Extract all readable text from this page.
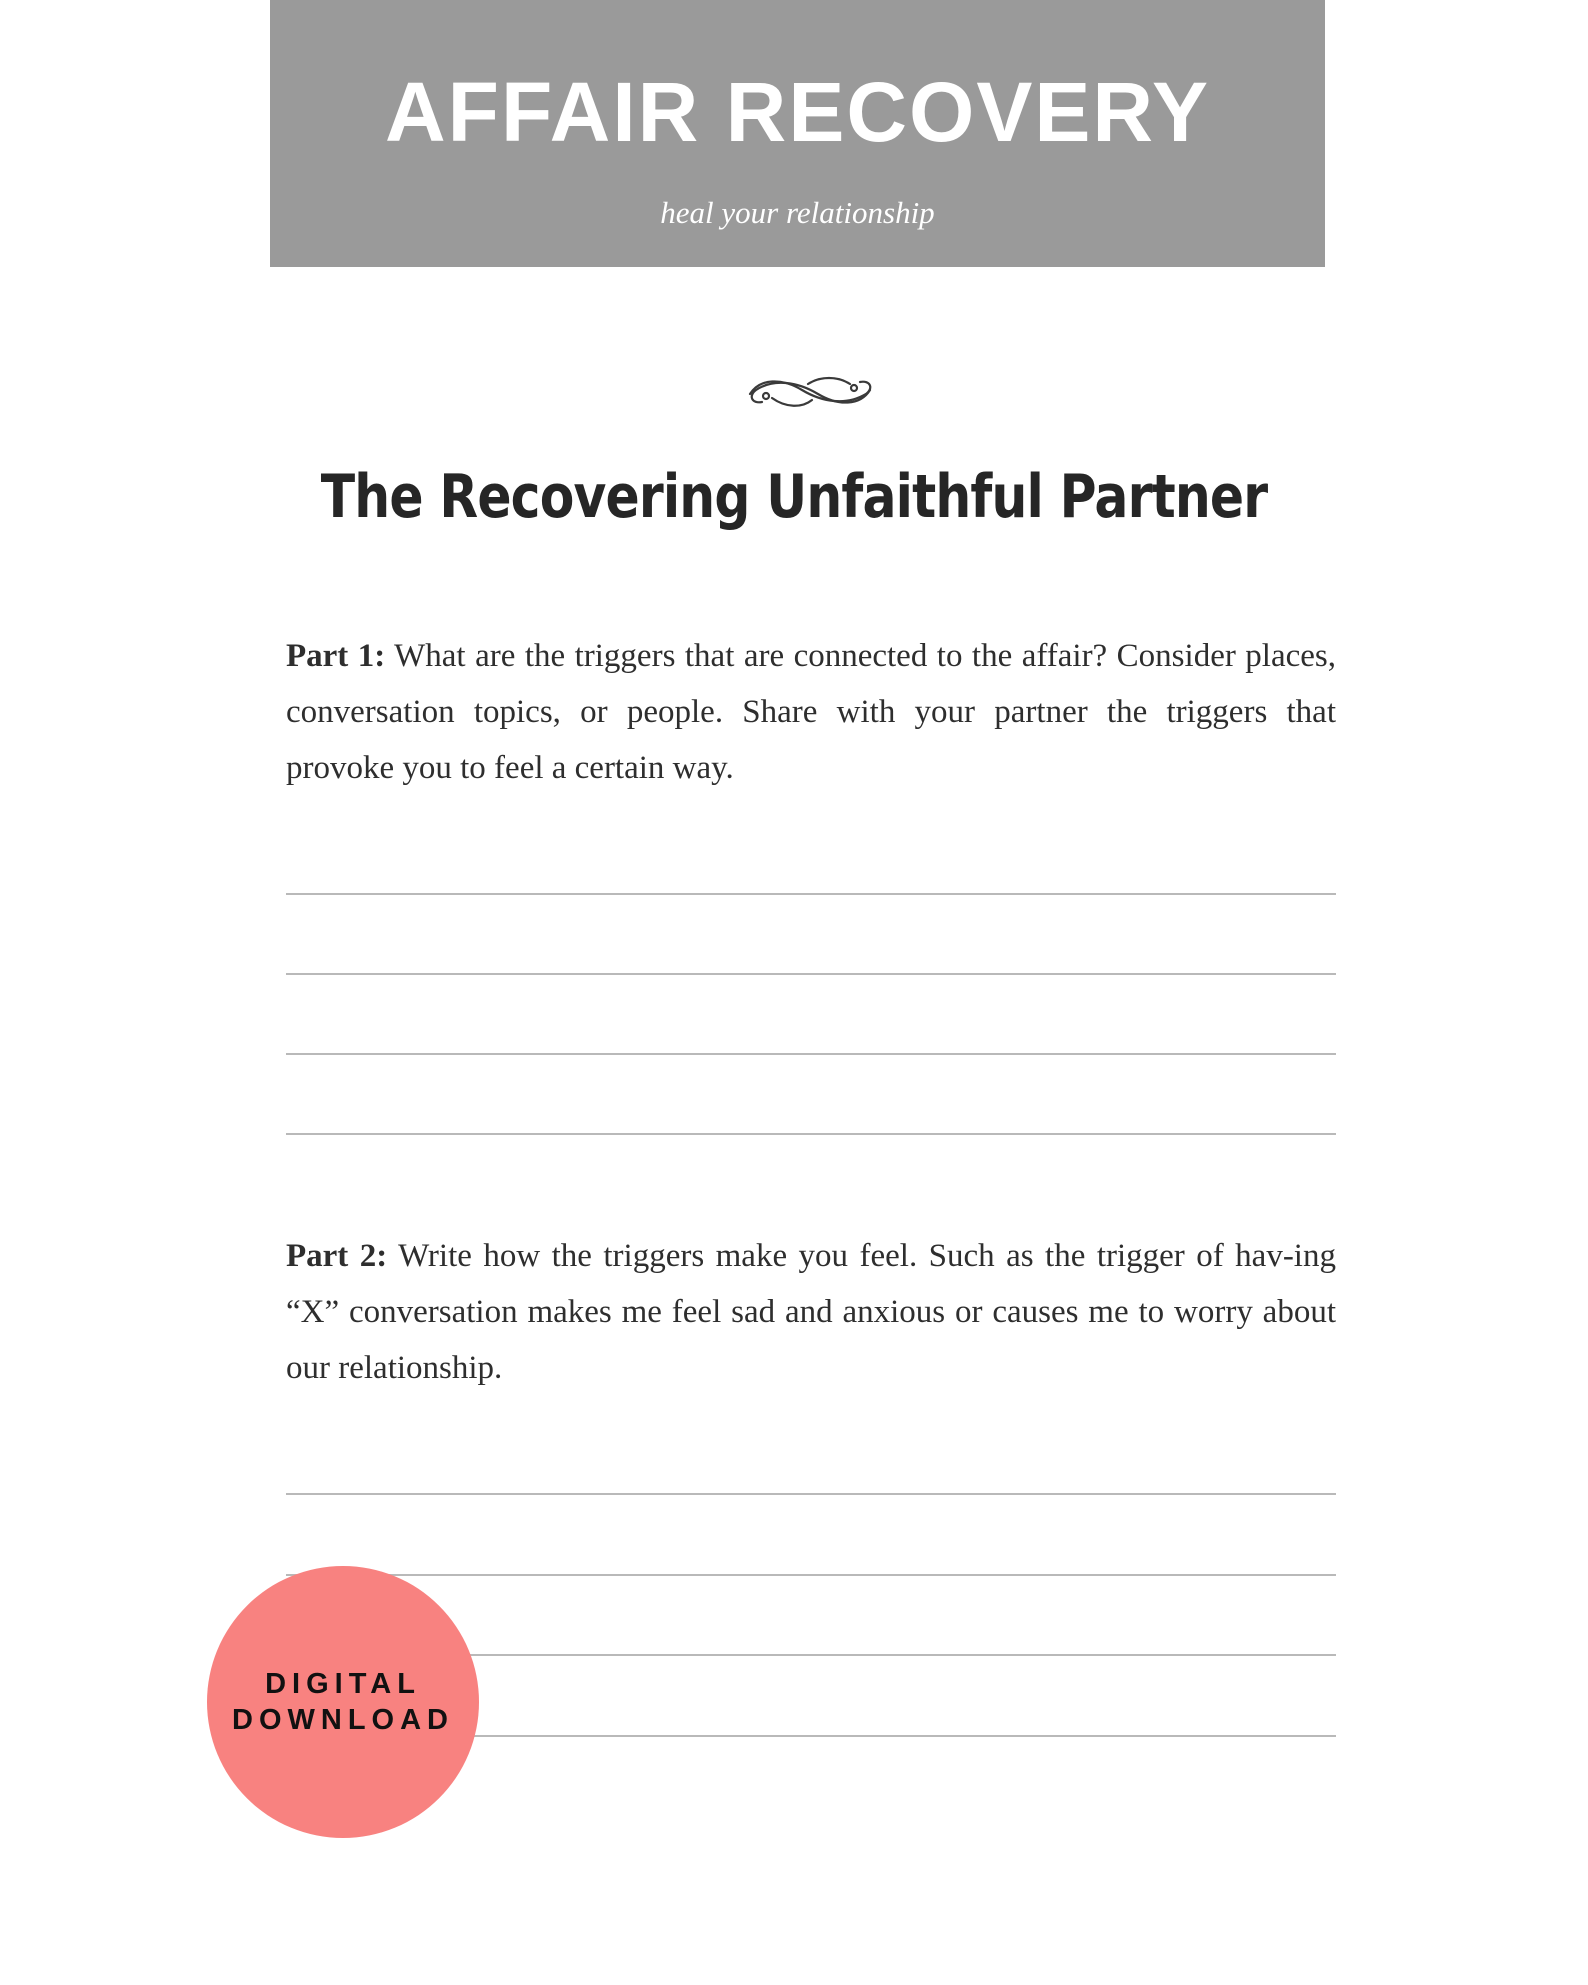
AFFAIR RECOVERY
heal your relationship
The Recovering Unfaithful Partner
Part 1: What are the triggers that are connected to the affair? Consider places, conversation topics, or people. Share with your partner the triggers that provoke you to feel a certain way.
Part 2: Write how the triggers make you feel. Such as the trigger of hav-ing “X” conversation makes me feel sad and anxious or causes me to worry about our relationship.
DIGITAL
DOWNLOAD
